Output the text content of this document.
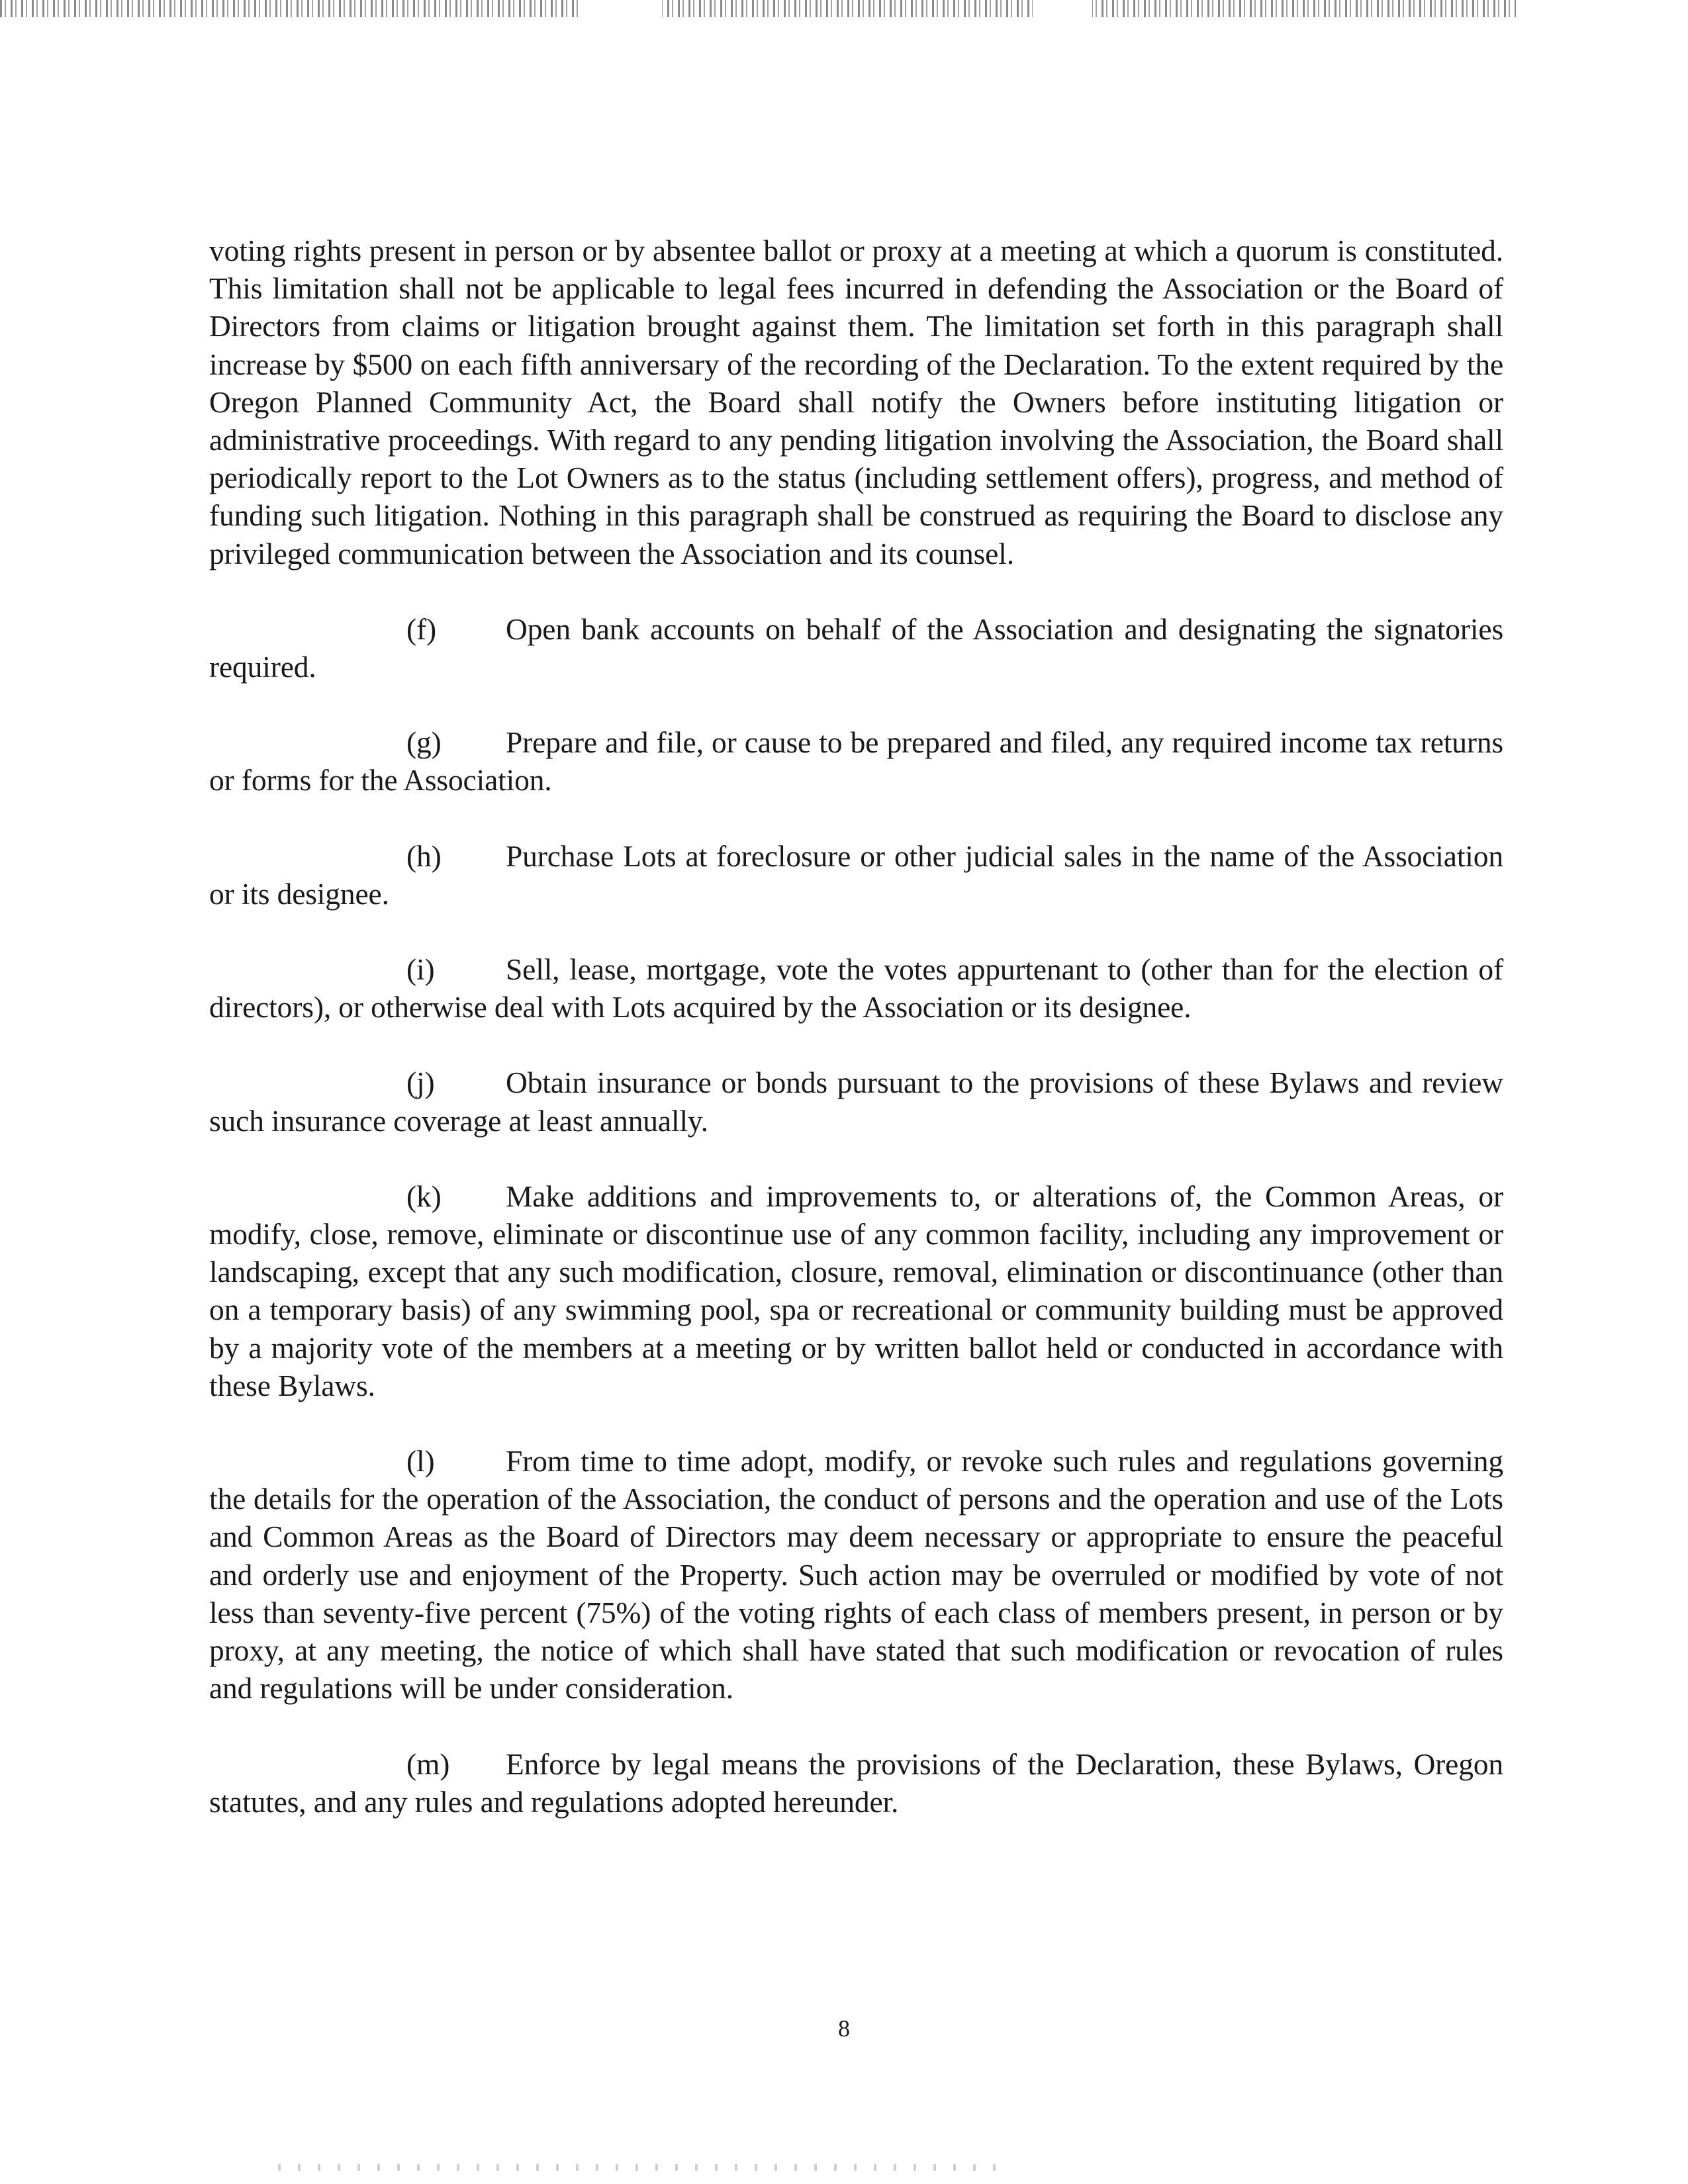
voting rights present in person or by absentee ballot or proxy at a meeting at which a quorum is constituted. This limitation shall not be applicable to legal fees incurred in defending the Association or the Board of Directors from claims or litigation brought against them. The limitation set forth in this paragraph shall increase by $500 on each fifth anniversary of the recording of the Declaration. To the extent required by the Oregon Planned Community Act, the Board shall notify the Owners before instituting litigation or administrative proceedings. With regard to any pending litigation involving the Association, the Board shall periodically report to the Lot Owners as to the status (including settlement offers), progress, and method of funding such litigation. Nothing in this paragraph shall be construed as requiring the Board to disclose any privileged communication between the Association and its counsel.

(f) Open bank accounts on behalf of the Association and designating the signatories required.

(g) Prepare and file, or cause to be prepared and filed, any required income tax returns or forms for the Association.

(h) Purchase Lots at foreclosure or other judicial sales in the name of the Association or its designee.

(i) Sell, lease, mortgage, vote the votes appurtenant to (other than for the election of directors), or otherwise deal with Lots acquired by the Association or its designee.

(j) Obtain insurance or bonds pursuant to the provisions of these Bylaws and review such insurance coverage at least annually.

(k) Make additions and improvements to, or alterations of, the Common Areas, or modify, close, remove, eliminate or discontinue use of any common facility, including any improvement or landscaping, except that any such modification, closure, removal, elimination or discontinuance (other than on a temporary basis) of any swimming pool, spa or recreational or community building must be approved by a majority vote of the members at a meeting or by written ballot held or conducted in accordance with these Bylaws.

(l) From time to time adopt, modify, or revoke such rules and regulations governing the details for the operation of the Association, the conduct of persons and the operation and use of the Lots and Common Areas as the Board of Directors may deem necessary or appropriate to ensure the peaceful and orderly use and enjoyment of the Property. Such action may be overruled or modified by vote of not less than seventy-five percent (75%) of the voting rights of each class of members present, in person or by proxy, at any meeting, the notice of which shall have stated that such modification or revocation of rules and regulations will be under consideration.

(m) Enforce by legal means the provisions of the Declaration, these Bylaws, Oregon statutes, and any rules and regulations adopted hereunder.

8
